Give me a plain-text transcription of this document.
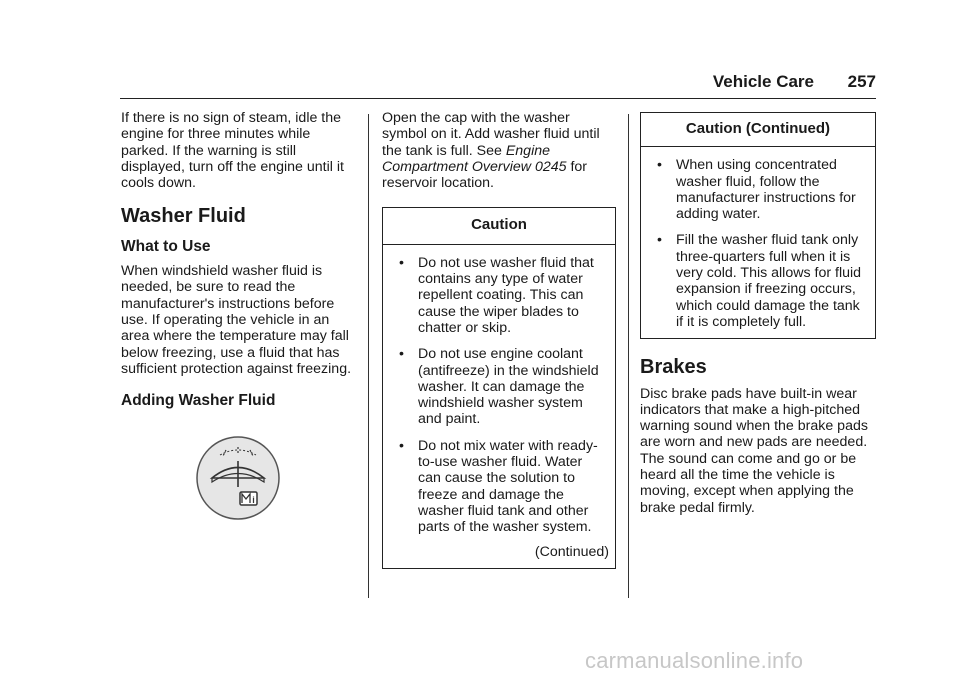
Vehicle Care 257

If there is no sign of steam, idle the engine for three minutes while parked. If the warning is still displayed, turn off the engine until it cools down.

Washer Fluid

What to Use

When windshield washer fluid is needed, be sure to read the manufacturer's instructions before use. If operating the vehicle in an area where the temperature may fall below freezing, use a fluid that has sufficient protection against freezing.

Adding Washer Fluid

i

Open the cap with the washer symbol on it. Add washer fluid until the tank is full. See Engine Compartment Overview 0245 for reservoir location.

Caution
• Do not use washer fluid that contains any type of water repellent coating. This can cause the wiper blades to chatter or skip.
• Do not use engine coolant (antifreeze) in the windshield washer. It can damage the windshield washer system and paint.
• Do not mix water with ready-to-use washer fluid. Water can cause the solution to freeze and damage the washer fluid tank and other parts of the washer system.
(Continued)
Caution (Continued)
• When using concentrated washer fluid, follow the manufacturer instructions for adding water.
• Fill the washer fluid tank only three-quarters full when it is very cold. This allows for fluid expansion if freezing occurs, which could damage the tank if it is completely full.

Brakes

Disc brake pads have built-in wear indicators that make a high-pitched warning sound when the brake pads are worn and new pads are needed. The sound can come and go or be heard all the time the vehicle is moving, except when applying the brake pedal firmly.

carmanualsonline.info
